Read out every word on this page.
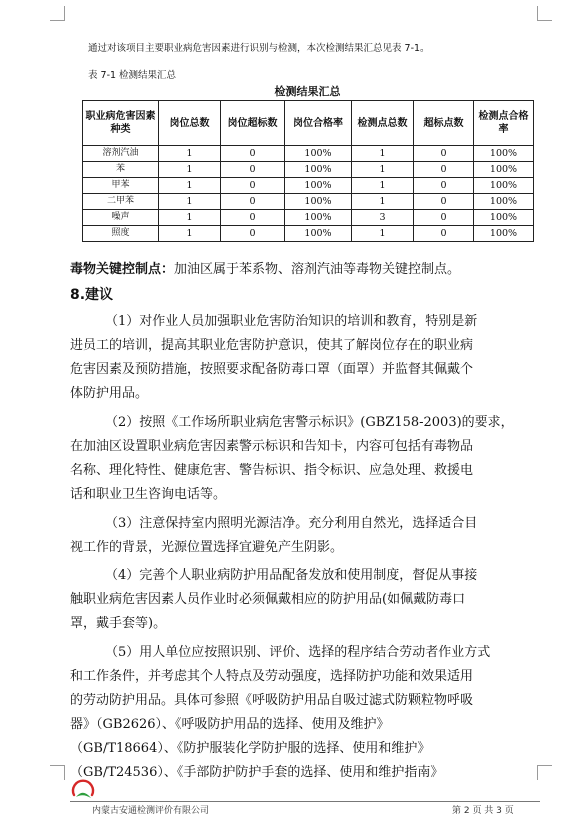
通过对该项目主要职业病危害因素进行识别与检测，本次检测结果汇总见表 7-1。
表 7-1 检测结果汇总
检测结果汇总
职业病危害因素种类	岗位总数	岗位超标数	岗位合格率	检测点总数	超标点数	检测点合格率
溶剂汽油	1	0	100%	1	0	100%
苯	1	0	100%	1	0	100%
甲苯	1	0	100%	1	0	100%
二甲苯	1	0	100%	1	0	100%
噪声	1	0	100%	3	0	100%
照度	1	0	100%	1	0	100%
毒物关键控制点：加油区属于苯系物、溶剂汽油等毒物关键控制点。
8.建议
（1）对作业人员加强职业危害防治知识的培训和教育，特别是新
进员工的培训，提高其职业危害防护意识，使其了解岗位存在的职业病
危害因素及预防措施，按照要求配备防毒口罩（面罩）并监督其佩戴个
体防护用品。
（2）按照《工作场所职业病危害警示标识》(GBZ158-2003)的要求，
在加油区设置职业病危害因素警示标识和告知卡，内容可包括有毒物品
名称、理化特性、健康危害、警告标识、指令标识、应急处理、救援电
话和职业卫生咨询电话等。
（3）注意保持室内照明光源洁净。充分利用自然光，选择适合目
视工作的背景，光源位置选择宜避免产生阴影。
（4）完善个人职业病防护用品配备发放和使用制度，督促从事接
触职业病危害因素人员作业时必须佩戴相应的防护用品(如佩戴防毒口
罩，戴手套等)。
（5）用人单位应按照识别、评价、选择的程序结合劳动者作业方式
和工作条件，并考虑其个人特点及劳动强度，选择防护功能和效果适用
的劳动防护用品。具体可参照《呼吸防护用品自吸过滤式防颗粒物呼吸
器》（GB2626）、《呼吸防护用品的选择、使用及维护》
（GB/T18664）、《防护服装化学防护服的选择、使用和维护》
（GB/T24536）、《手部防护防护手套的选择、使用和维护指南》
内蒙古安通检测评价有限公司	第 2 页 共 3 页
